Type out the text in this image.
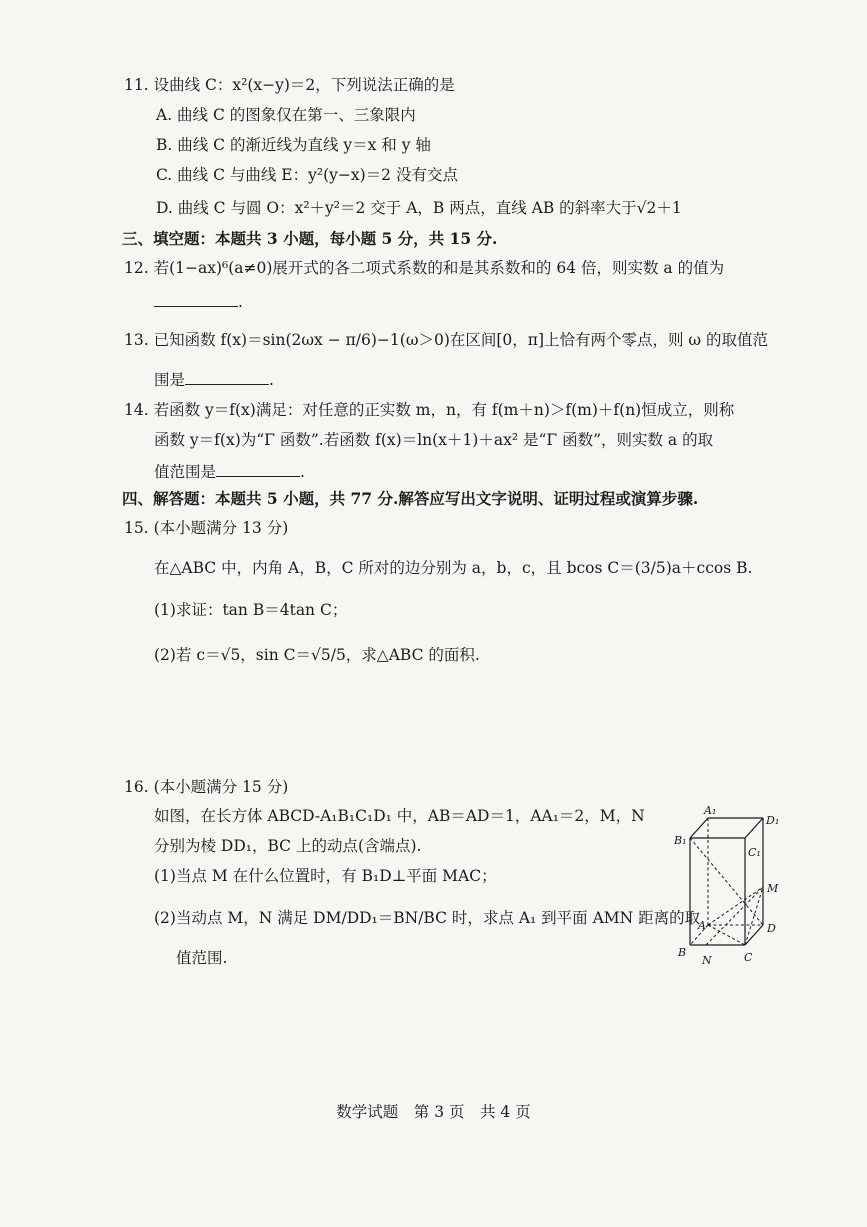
11. 设曲线 C：x²(x−y)＝2，下列说法正确的是
A. 曲线 C 的图象仅在第一、三象限内
B. 曲线 C 的渐近线为直线 y＝x 和 y 轴
C. 曲线 C 与曲线 E：y²(y−x)＝2 没有交点
D. 曲线 C 与圆 O：x²＋y²＝2 交于 A，B 两点，直线 AB 的斜率大于√2＋1
三、填空题：本题共 3 小题，每小题 5 分，共 15 分.
12. 若(1−ax)⁶(a≠0)展开式的各二项式系数的和是其系数和的 64 倍，则实数 a 的值为
.
13. 已知函数 f(x)＝sin(2ωx − π/6)−1(ω＞0)在区间[0，π]上恰有两个零点，则 ω 的取值范
围是	.
14. 若函数 y＝f(x)满足：对任意的正实数 m，n，有 f(m＋n)＞f(m)＋f(n)恒成立，则称
函数 y＝f(x)为“Γ 函数”.若函数 f(x)＝ln(x＋1)＋ax² 是“Γ 函数”，则实数 a 的取
值范围是	.
四、解答题：本题共 5 小题，共 77 分.解答应写出文字说明、证明过程或演算步骤.
15. (本小题满分 13 分)
在△ABC 中，内角 A，B，C 所对的边分别为 a，b，c，且 bcos C＝(3/5)a＋ccos B.
(1)求证：tan B＝4tan C；
(2)若 c＝√5，sin C＝√5/5，求△ABC 的面积.
16. (本小题满分 15 分)
如图，在长方体 ABCD-A₁B₁C₁D₁ 中，AB＝AD＝1，AA₁＝2，M，N
分别为棱 DD₁，BC 上的动点(含端点).
(1)当点 M 在什么位置时，有 B₁D⊥平面 MAC；
(2)当动点 M，N 满足 DM/DD₁＝BN/BC 时，求点 A₁ 到平面 AMN 距离的取
值范围.
A₁
D₁
B₁
C₁
M
A	D
B
N	C
数学试题　第 3 页　共 4 页
